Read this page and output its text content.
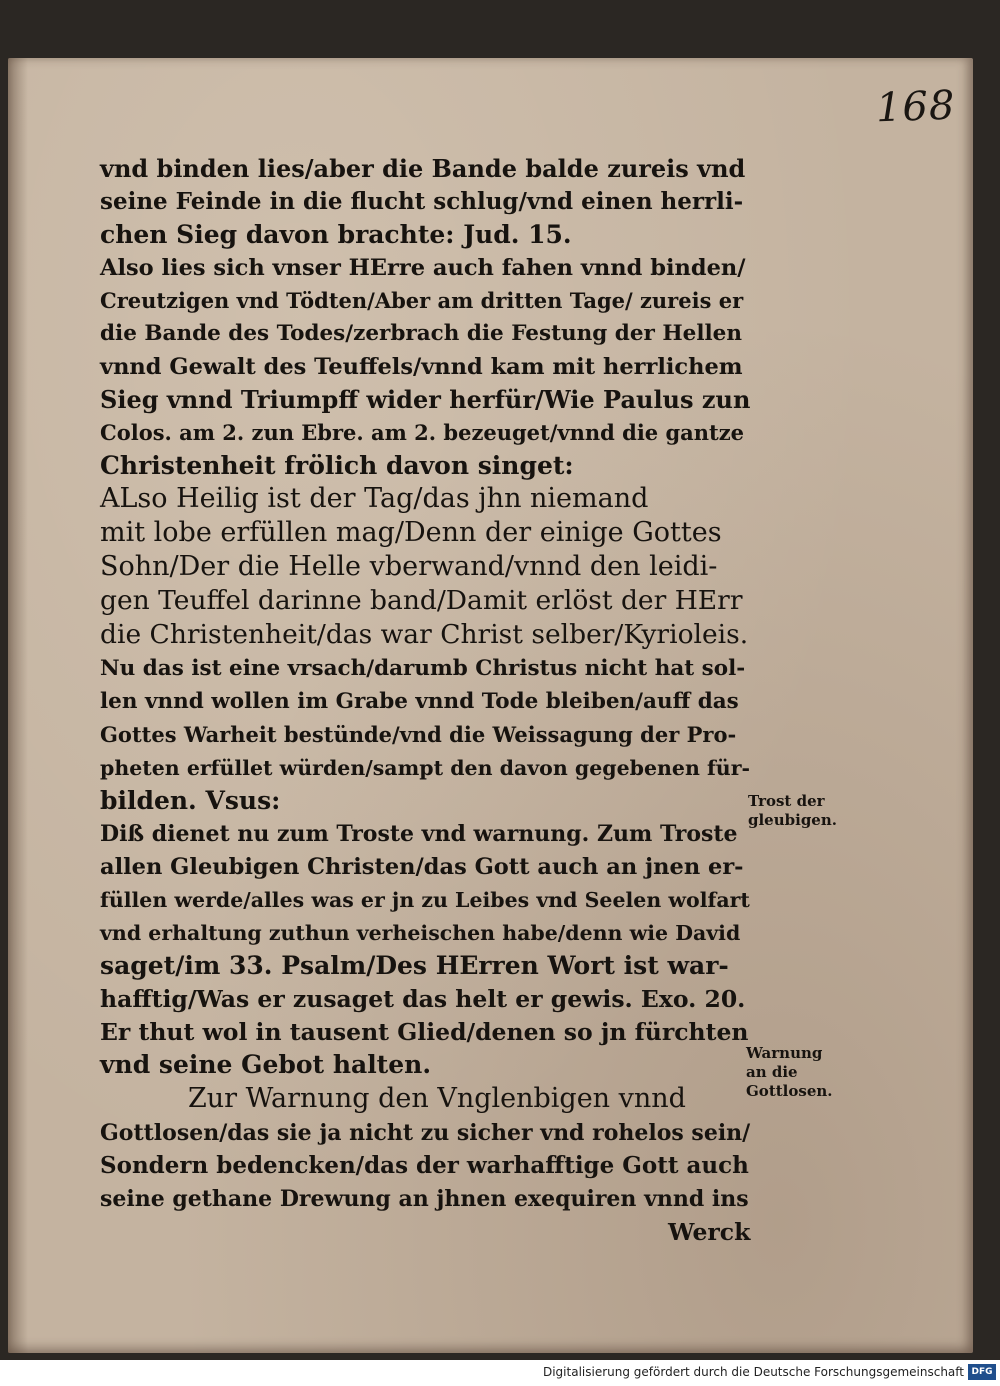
168
vnd binden lies/aber die Bande balde zureis vnd
seine Feinde in die flucht schlug/vnd einen herrli-
chen Sieg davon brachte: Jud. 15.
Also lies sich vnser HErre auch fahen vnnd binden/
Creutzigen vnd Tödten/Aber am dritten Tage/ zureis er
die Bande des Todes/zerbrach die Festung der Hellen
vnnd Gewalt des Teuffels/vnnd kam mit herrlichem
Sieg vnnd Triumpff wider herfür/Wie Paulus zun
Colos. am 2. zun Ebre. am 2. bezeuget/vnnd die gantze
Christenheit frölich davon singet:
ALso Heilig ist der Tag/das jhn niemand
mit lobe erfüllen mag/Denn der einige Gottes
Sohn/Der die Helle vberwand/vnnd den leidi-
gen Teuffel darinne band/Damit erlöst der HErr
die Christenheit/das war Christ selber/Kyrioleis.
Nu das ist eine vrsach/darumb Christus nicht hat sol-
len vnnd wollen im Grabe vnnd Tode bleiben/auff das
Gottes Warheit bestünde/vnd die Weissagung der Pro-
pheten erfüllet würden/sampt den davon gegebenen für-
bilden. Vsus:
Diß dienet nu zum Troste vnd warnung. Zum Troste
allen Gleubigen Christen/das Gott auch an jnen er-
füllen werde/alles was er jn zu Leibes vnd Seelen wolfart
vnd erhaltung zuthun verheischen habe/denn wie David
saget/im 33. Psalm/Des HErren Wort ist war-
hafftig/Was er zusaget das helt er gewis. Exo. 20.
Er thut wol in tausent Glied/denen so jn fürchten
vnd seine Gebot halten.
Zur Warnung den Vnglenbigen vnnd
Gottlosen/das sie ja nicht zu sicher vnd rohelos sein/
Sondern bedencken/das der warhafftige Gott auch
seine gethane Drewung an jhnen exequiren vnnd ins
Werck
Trost der
gleubigen.
Warnung
an die
Gottlosen.
Digitalisierung gefördert durch die Deutsche Forschungsgemeinschaft DFG
